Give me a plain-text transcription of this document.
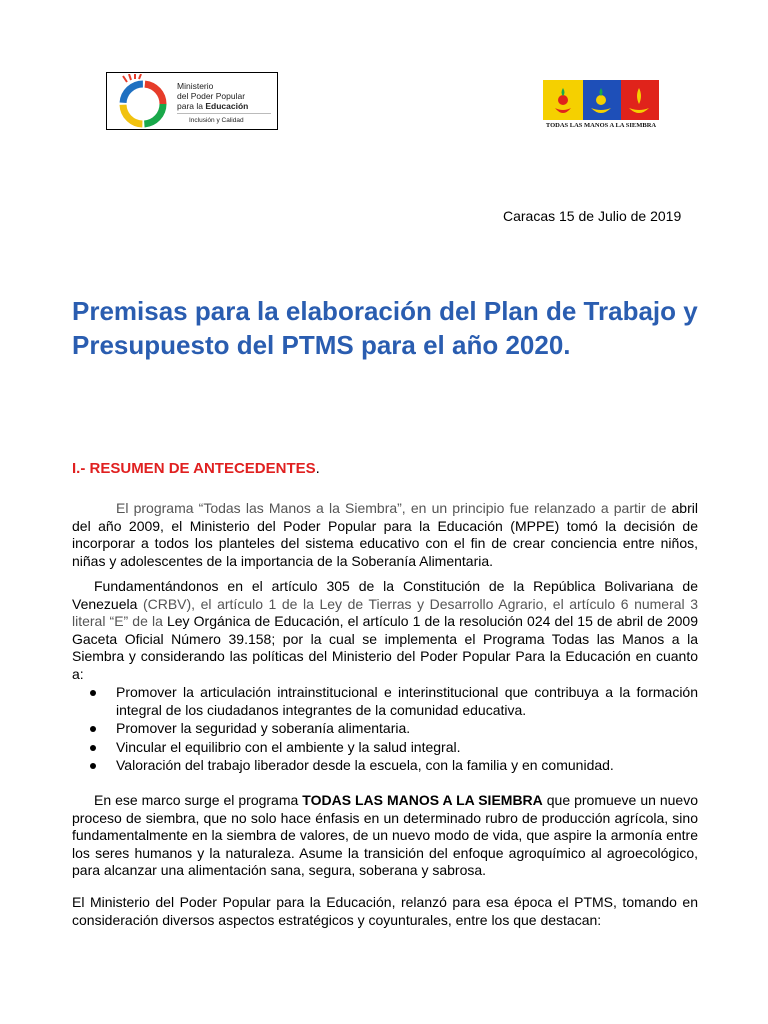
Ministerio
del Poder Popular
para la Educación
Inclusión y Calidad
TODAS LAS MANOS A LA SIEMBRA
Caracas 15 de Julio de 2019
Premisas para la elaboración del Plan de Trabajo y Presupuesto del PTMS para el año 2020.
I.- RESUMEN DE ANTECEDENTES.
El programa “Todas las Manos a la Siembra”, en un principio fue relanzado a partir de abril del año 2009, el Ministerio del Poder Popular para la Educación (MPPE) tomó la decisión de incorporar a todos los planteles del sistema educativo con el fin de crear conciencia entre niños, niñas y adolescentes de la importancia de la Soberanía Alimentaria.
Fundamentándonos en el artículo 305 de la Constitución de la República Bolivariana de Venezuela (CRBV), el artículo 1 de la Ley de Tierras y Desarrollo Agrario, el artículo 6 numeral 3 literal “E” de la Ley Orgánica de Educación, el artículo 1 de la resolución 024 del 15 de abril de 2009 Gaceta Oficial Número 39.158; por la cual se implementa el Programa Todas las Manos a la Siembra y considerando las políticas del Ministerio del Poder Popular Para la Educación en cuanto a:
Promover la articulación intrainstitucional e interinstitucional que contribuya a la formación integral de los ciudadanos integrantes de la comunidad educativa.
Promover la seguridad y soberanía alimentaria.
Vincular el equilibrio con el ambiente y la salud integral.
Valoración del trabajo liberador desde la escuela, con la familia y en comunidad.
En ese marco surge el programa TODAS LAS MANOS A LA SIEMBRA que promueve un nuevo proceso de siembra, que no solo hace énfasis en un determinado rubro de producción agrícola, sino fundamentalmente en la siembra de valores, de un nuevo modo de vida, que aspire la armonía entre los seres humanos y la naturaleza. Asume la transición del enfoque agroquímico al agroecológico, para alcanzar una alimentación sana, segura, soberana y sabrosa.
El Ministerio del Poder Popular para la Educación, relanzó para esa época el PTMS, tomando en consideración diversos aspectos estratégicos y coyunturales, entre los que destacan:
